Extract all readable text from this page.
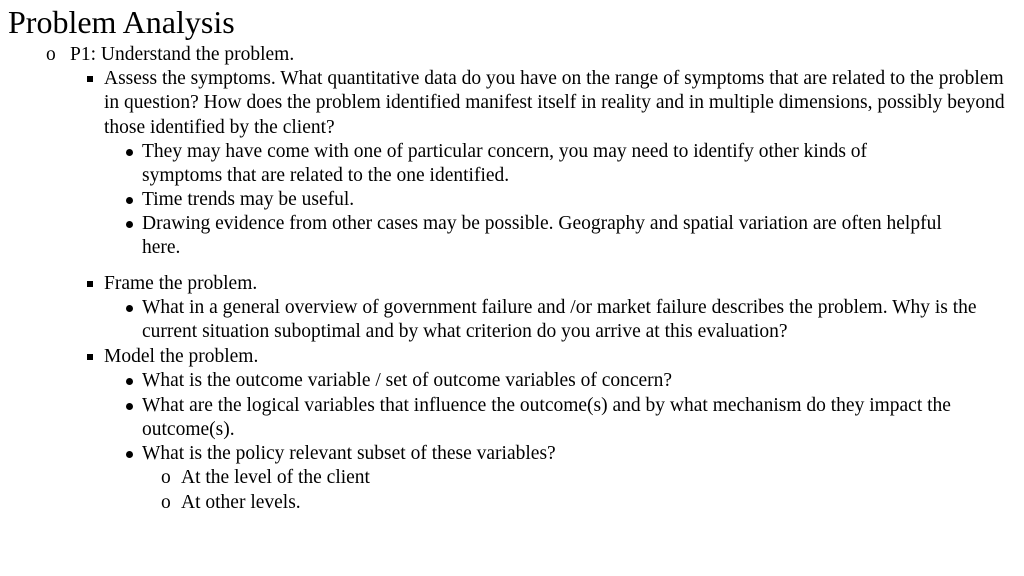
Problem Analysis
o P1: Understand the problem.
Assess the symptoms. What quantitative data do you have on the range of symptoms that are related to the problem in question? How does the problem identified manifest itself in reality and in multiple dimensions, possibly beyond those identified by the client?
They may have come with one of particular concern, you may need to identify other kinds of symptoms that are related to the one identified.
Time trends may be useful.
Drawing evidence from other cases may be possible. Geography and spatial variation are often helpful here.
Frame the problem.
What in a general overview of government failure and /or market failure describes the problem. Why is the current situation suboptimal and by what criterion do you arrive at this evaluation?
Model the problem.
What is the outcome variable / set of outcome variables of concern?
What are the logical variables that influence the outcome(s) and by what mechanism do they impact the outcome(s).
What is the policy relevant subset of these variables?
o At the level of the client
o At other levels.
